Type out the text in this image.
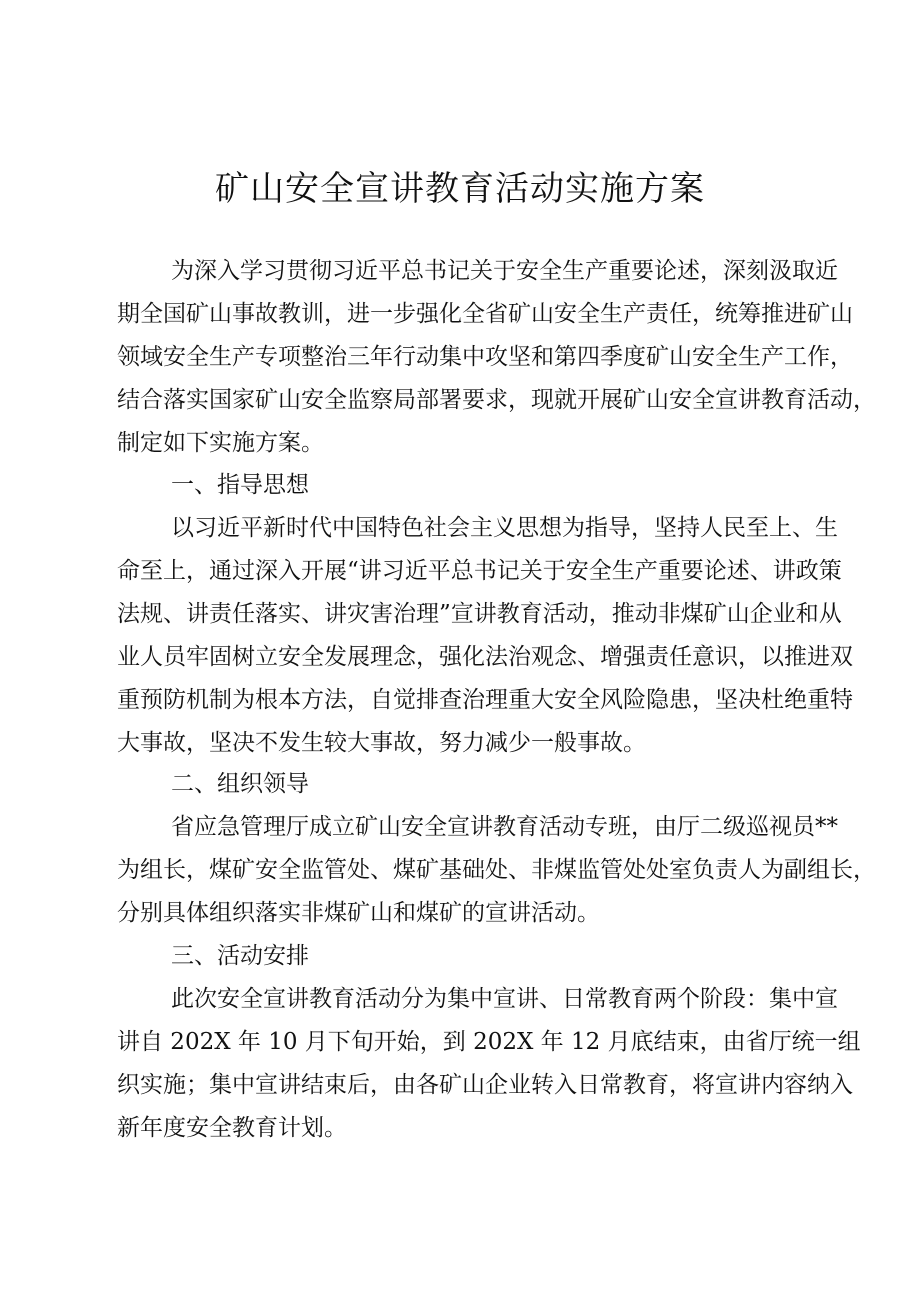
矿山安全宣讲教育活动实施方案

为深入学习贯彻习近平总书记关于安全生产重要论述，深刻汲取近

期全国矿山事故教训，进一步强化全省矿山安全生产责任，统筹推进矿山

领域安全生产专项整治三年行动集中攻坚和第四季度矿山安全生产工作，

结合落实国家矿山安全监察局部署要求，现就开展矿山安全宣讲教育活动，

制定如下实施方案。

一、指导思想

以习近平新时代中国特色社会主义思想为指导，坚持人民至上、生

命至上，通过深入开展“讲习近平总书记关于安全生产重要论述、讲政策

法规、讲责任落实、讲灾害治理”宣讲教育活动，推动非煤矿山企业和从

业人员牢固树立安全发展理念，强化法治观念、增强责任意识，以推进双

重预防机制为根本方法，自觉排查治理重大安全风险隐患，坚决杜绝重特

大事故，坚决不发生较大事故，努力减少一般事故。

二、组织领导

省应急管理厅成立矿山安全宣讲教育活动专班，由厅二级巡视员**

为组长，煤矿安全监管处、煤矿基础处、非煤监管处处室负责人为副组长，

分别具体组织落实非煤矿山和煤矿的宣讲活动。

三、活动安排

此次安全宣讲教育活动分为集中宣讲、日常教育两个阶段：集中宣

讲自 202X 年 10 月下旬开始，到 202X 年 12 月底结束，由省厅统一组

织实施；集中宣讲结束后，由各矿山企业转入日常教育，将宣讲内容纳入

新年度安全教育计划。
